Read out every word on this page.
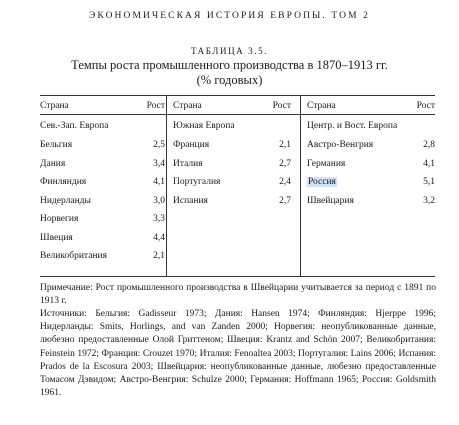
ЭКОНОМИЧЕСКАЯ ИСТОРИЯ ЕВРОПЫ. ТОМ 2
ТАБЛИЦА 3.5.
Темпы роста промышленного производства в 1870–1913 гг.
(% годовых)
Страна	Рост
Сев.-Зап. Европа
Бельгия	2,5
Дания	3,4
Финляндия	4,1
Нидерланды	3,0
Норвегия	3,3
Швеция	4,4
Великобритания	2,1
Страна	Рост
Южная Европа
Франция	2,1
Италия	2,7
Португалия	2,4
Испания	2,7
Страна	Рост
Центр. и Вост. Европа
Австро-Венгрия	2,8
Германия	4,1
Россия	5,1
Швейцария	3,2
Примечание: Рост промышленного производства в Швейцарии учитывается за период с 1891 по 1913 г.
Источники: Бельгия: Gadisseur 1973; Дания: Hansen 1974; Финляндия: Hjerppe 1996; Нидерланды: Smits, Horlings, and van Zanden 2000; Норвегия: неопубликованные данные, любезно предоставленные Олой Гриттеном; Швеция: Krantz and Schön 2007; Великобритания: Feinstein 1972; Франция: Crouzet 1970; Италия: Fenoaltea 2003; Португалия: Lains 2006; Испания: Prados de la Escosura 2003; Швейцария: неопубликованные данные, любезно предоставленные Томасом Дэвидом; Австро-Венгрия: Schulze 2000; Германия: Hoffmann 1965; Россия: Goldsmith 1961.
